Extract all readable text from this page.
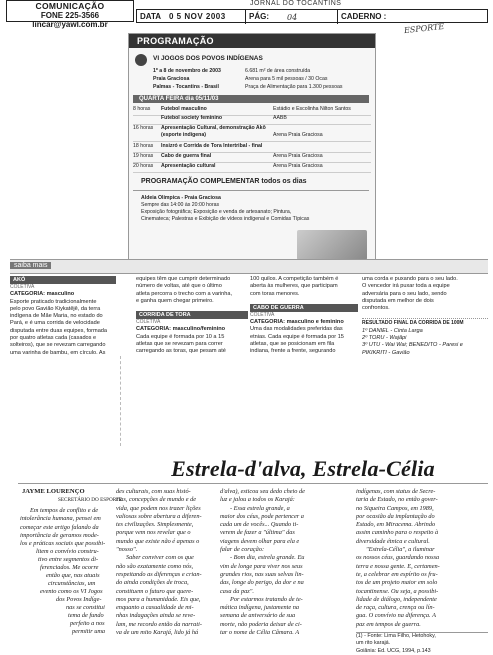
COMUNICAÇÃO
FONE 225-3566
lincar@yawl.com.br
JORNAL DO TOCANTINS
DATA 0 5 NOV 2003	PÁG: 04	CADERNO :
ESPORTE
PROGRAMAÇÃO
VI JOGOS DOS POVOS INDÍGENAS
1º a 8 de novembro de 2003	6.681 m² de área construída
Praia Graciosa	Arena para 5 mil pessoas / 30 Ocas
Palmas - Tocantins - Brasil	Praça de Alimentação para 1.300 pessoas
QUARTA FEIRA dia 05/11/03
8 horas Futebol masculino	Estádio e Escolinha Nilton Santos
Futebol society feminino	AABB
16 horas Apresentação Cultural, demonstração Akô (esporte indígena)	Arena Praia Graciosa
18 horas Insizró e Corrida de Tora Intertribal - final
19 horas Cabo de guerra final	Arena Praia Graciosa
20 horas Apresentação cultural	Arena Praia Graciosa
PROGRAMAÇÃO COMPLEMENTAR todos os dias
Aldeia Olímpica - Praia Graciosa
Sempre das 14:00 às 20:00 horas
Exposição fotográfica; Exposição e venda de artesanato; Pintura,
Cinemateca; Palestras e Exibição de vídeos indígenal e Comidas Típicas
saiba mais
AKÓ
COLETIVA
CATEGORIA: masculino
Esporte praticado tradicionalmente
pelo povo Gavião Kiykatêjê, da terra
indígena de Mãe Maria, no estado do
Pará, e é uma corrida de velocidade
disputada entre duas equipes, formada
por quatro atletas cada (casados e
solteiros), que se revezam carregando
uma varinha de bambu, em círculo. As
equipes têm que cumprir determinado
número de voltas, até que o último
atleta percorra o trecho com a varinha,
e ganha quem chegar primeiro.
CORRIDA DE TORA
COLETIVA
CATEGORIA: masculino/feminino
Cada equipe é formada por 10 a 15
atletas que se revezam para correr
carregando as toras, que pesam até
100 quilos. A competição também é
aberta às mulheres, que participam
com toras menores.
CABO DE GUERRA
COLETIVA
CATEGORIA: masculino e feminino
Uma das modalidades preferidas das
etnias. Cada equipe é formada por 15
atletas, que se posicionam em fila
indiana, frente a frente, segurando
uma corda e puxando para o seu lado.
O vencedor irá puxar toda a equipe
adversária para o seu lado, sendo
disputada em melhor de dois
confrontos.
RESULTADO FINAL DA CORRIDA DE 100M
1º DANIEL - Cinta Larga
2º TORU - Wajãpi
3º UTU - Wai Wai; BENEDITO - Paresi e
PIKIKRITI - Gavião
Estrela-d'alva, Estrela-Célia
JAYME LOURENÇO
SECRETÁRIO DO ESPORTE
Em tempos de conflito e de
intolerância humana, pensei em
começar este artigo falando da
importância de geramos mode-
los e práticas sociais que possibi-
litem o convívio constru-
tivo entre segmentos di-
ferenciados. Me ocorre
então que, nas atuais
circunstâncias, um
evento como os VI Jogos
dos Povos Indíge-
nas se constitui
tema de fundo
perfeito a nos
permitir uma
des culturais, com suas histó-
rias, concepções de mundo e de
vida, que podem nos trazer lições
valiosas sobre abertura a diferen-
tes civilizações. Simplesmente,
porque vem nos revelar que o
mundo que existe não é apenas o
"nosso".
Saber conviver com os que
não são exatamente como nós,
respeitando as diferenças e crian-
do ainda condições de troca,
constituem o futuro que quere-
mos para a humanidade. Eis que,
enquanto a casualidade de mi-
nhas indagações ainda se reve-
lam, me recordo então da narrati-
va de um mito Karajá, lido já há
d'alva), esticou seu dedo cheio de
luz e jalou a todos os Karajá:
- Essa estrela grande, a
maior dos céus, pode pertencer a
cada um de vocês... Quando ti-
verem de fazer a "última" das
viagens devem olhar para ela e
falar de coração:
- Bom dia, estrela grande. Eu
vim de longe para viver nos seus
grandes rios, nas suas selvas lin-
das, longe do perigo, da dor e na
casa da paz".
Por estarmos tratando de te-
mática indígena, justamente na
semana de aniversário de sua
morte, não poderia deixar de ci-
tar o nome de Célia Câmara. A
indígenas, com status de Secre-
taria de Estado, no então gover-
no Siqueira Campos, em 1989,
por ocasião da implantação do
Estado, em Miracema. Abrindo
assim caminho para o respeito à
diversidade étnica e cultural.
"Estrela-Célia", a iluminar
os nossos céus, guardando nossa
terra e nossa gente. E, certamen-
te, a celebrar em espírito os fru-
tos de um projeto maior em solo
tocantinense. Ou seja, a possibi-
lidade de diálogo, independente
de raça, cultura, crença ou lín-
gua. O convívio na diferença. A
paz em tempos de guerra.
(1) - Fonte: Lima Filho, Hetohoky,
um rito karajá.
Goiânia: Ed. UCG, 1994, p.143
